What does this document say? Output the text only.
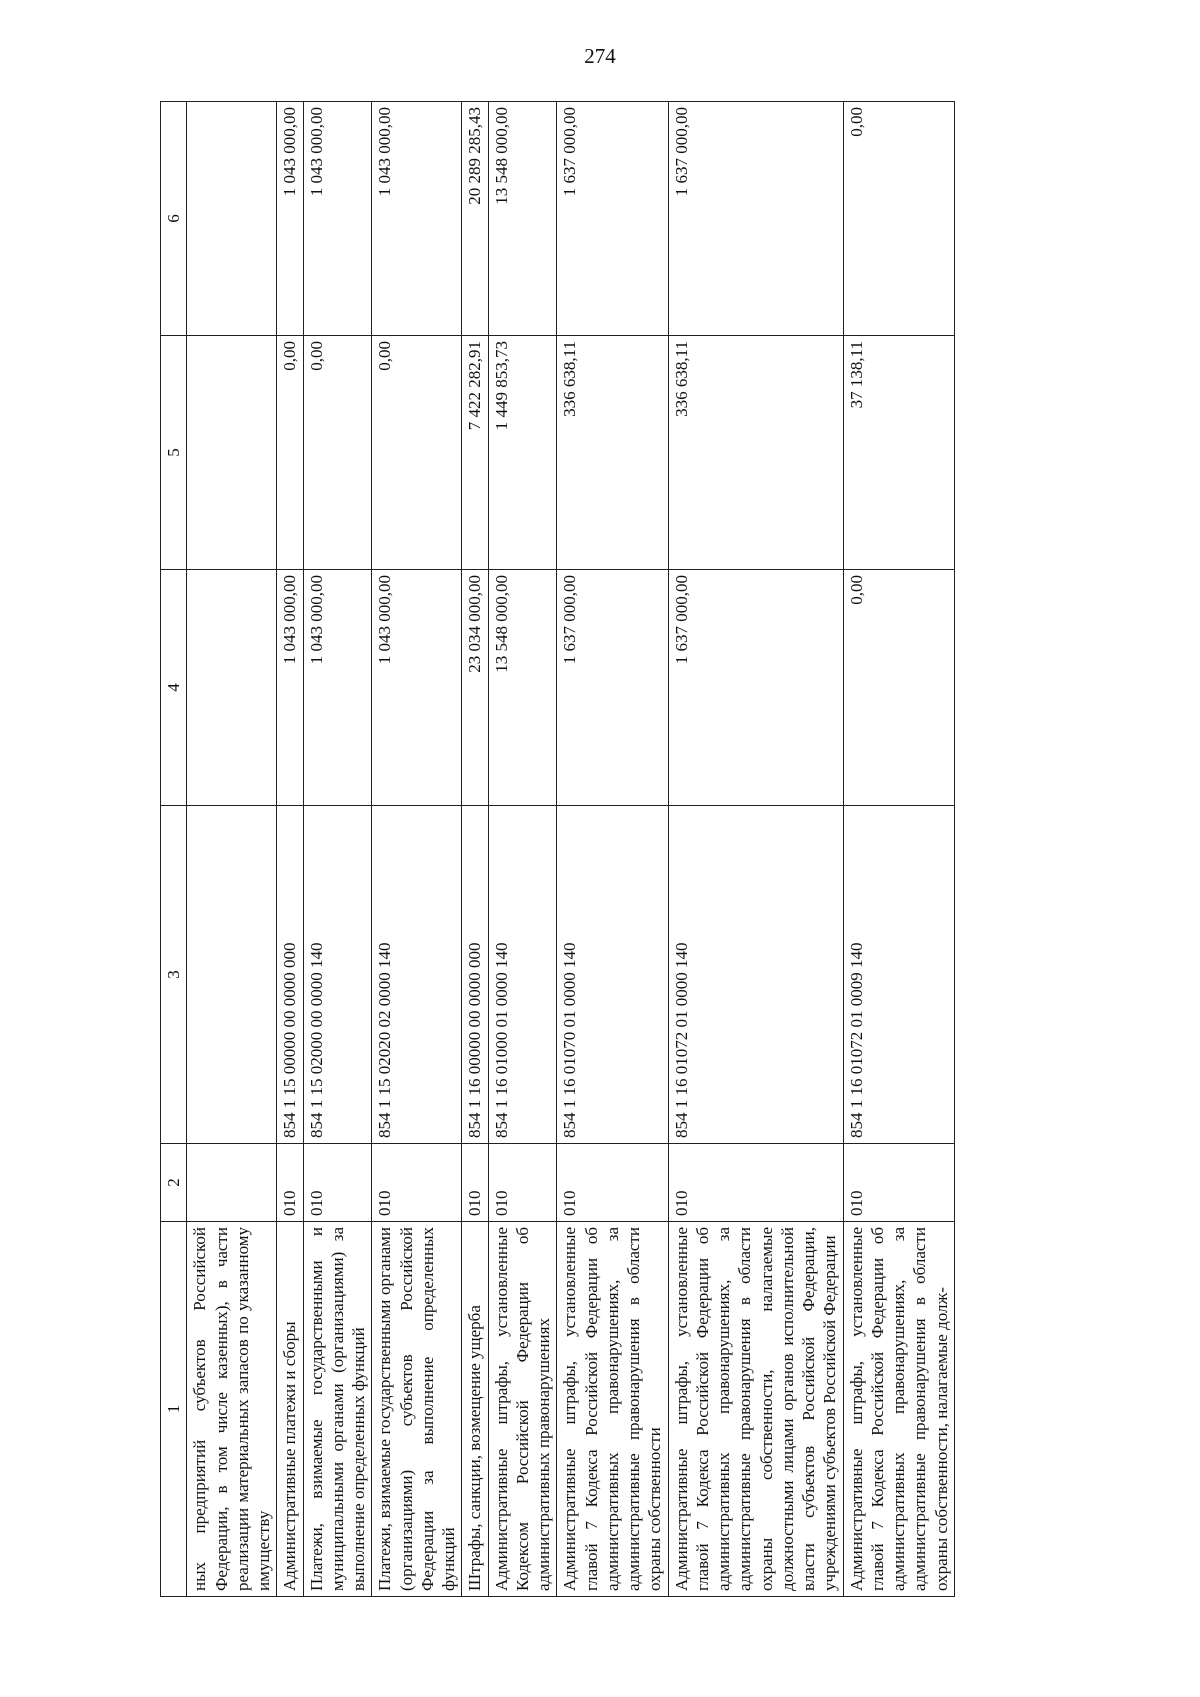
274
1	2	3	4	5	6
ных предприятий субъектов Российской Федерации, в том числе казенных), в части реализации материальных запасов по указанному имуществу					
Административные платежи и сборы	010	854 1 15 00000 00 0000 000	1 043 000,00	0,00	1 043 000,00
Платежи, взимаемые государственными и муниципальными органами (организациями) за выполнение определенных функций	010	854 1 15 02000 00 0000 140	1 043 000,00	0,00	1 043 000,00
Платежи, взимаемые государственными органами (организациями) субъектов Российской Федерации за выполнение определенных функций	010	854 1 15 02020 02 0000 140	1 043 000,00	0,00	1 043 000,00
Штрафы, санкции, возмещение ущерба	010	854 1 16 00000 00 0000 000	23 034 000,00	7 422 282,91	20 289 285,43
Административные штрафы, установленные Кодексом Российской Федерации об административных правонарушениях	010	854 1 16 01000 01 0000 140	13 548 000,00	1 449 853,73	13 548 000,00
Административные штрафы, установленные главой 7 Кодекса Российской Федерации об административных правонарушениях, за административные правонарушения в области охраны собственности	010	854 1 16 01070 01 0000 140	1 637 000,00	336 638,11	1 637 000,00
Административные штрафы, установленные главой 7 Кодекса Российской Федерации об административных правонарушениях, за административные правонарушения в области охраны собственности, налагаемые должностными лицами органов исполнительной власти субъектов Российской Федерации, учреждениями субъектов Российской Федерации	010	854 1 16 01072 01 0000 140	1 637 000,00	336 638,11	1 637 000,00
Административные штрафы, установленные главой 7 Кодекса Российской Федерации об административных правонарушениях, за административные правонарушения в области охраны собственности, налагаемые долж-	010	854 1 16 01072 01 0009 140	0,00	37 138,11	0,00
